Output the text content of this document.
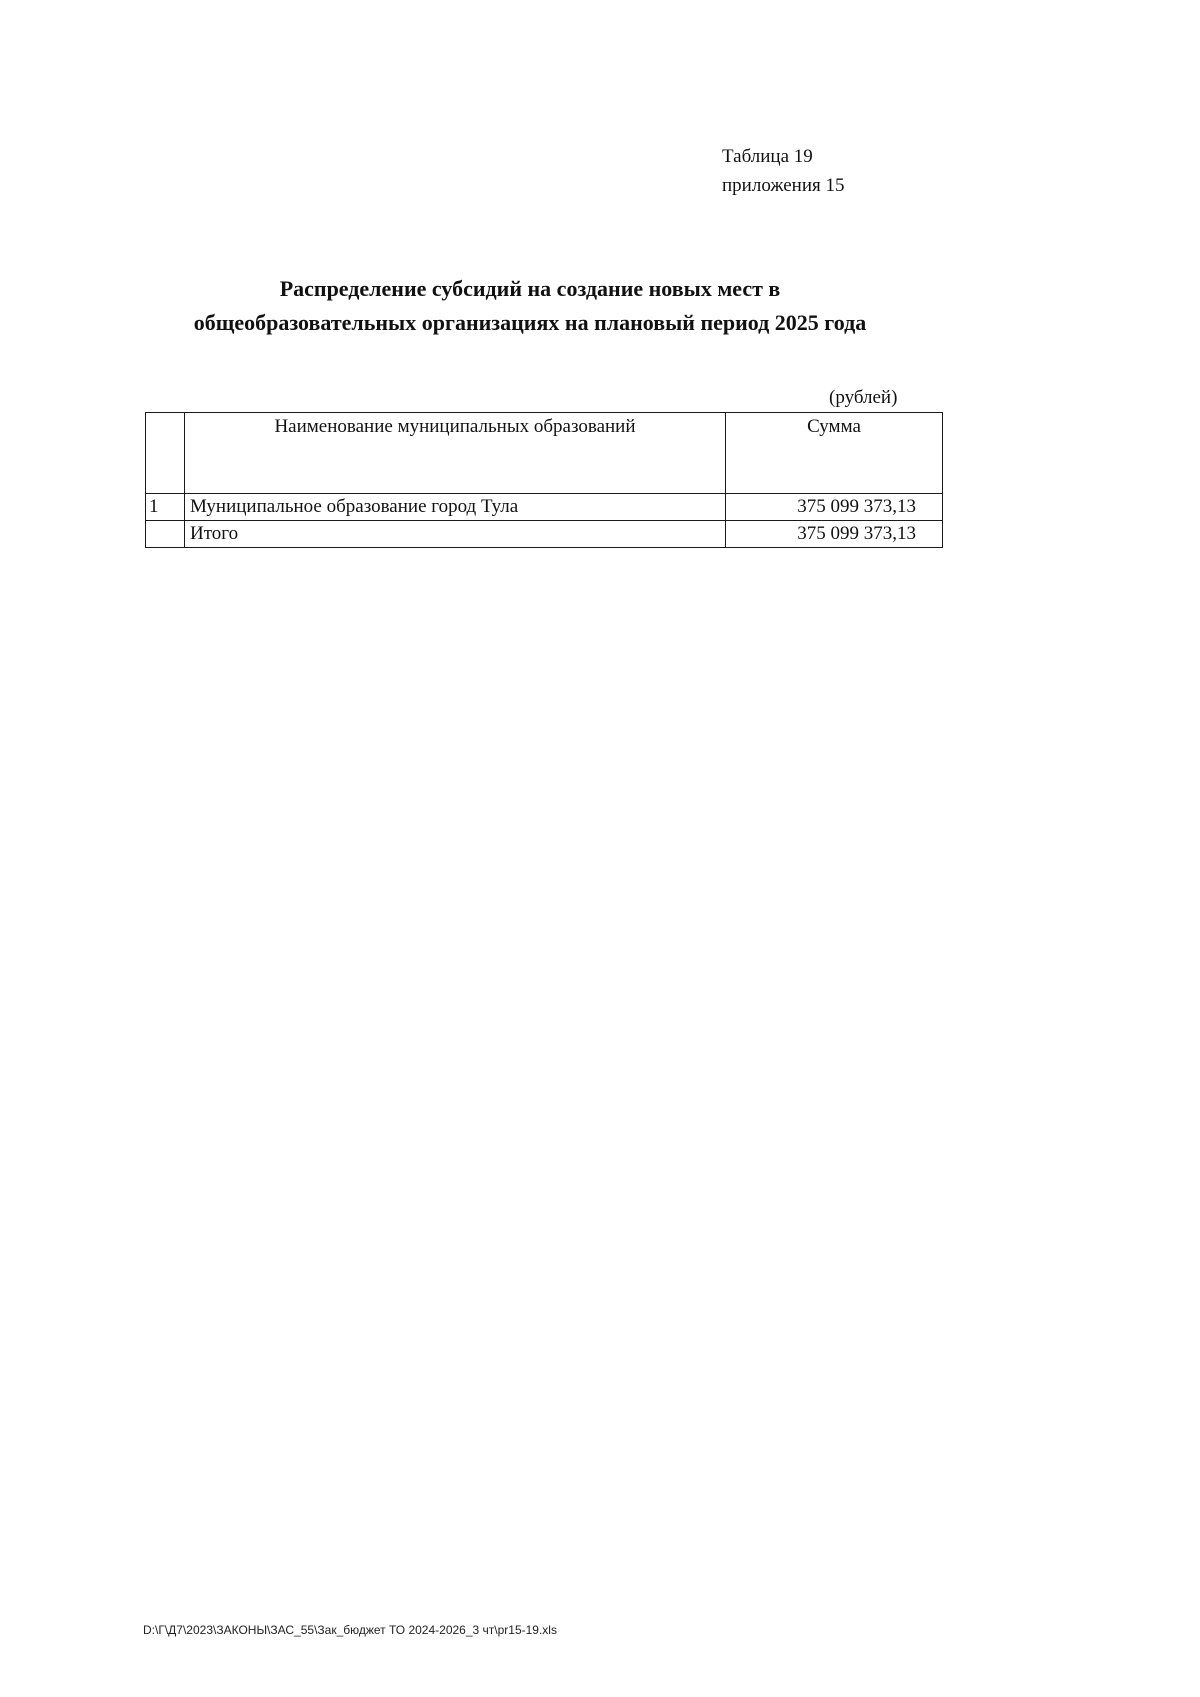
Таблица 19
приложения 15
Распределение субсидий на создание новых мест в
общеобразовательных организациях на плановый период 2025 года
(рублей)
	Наименование муниципальных образований	Сумма
1	Муниципальное образование город Тула	375 099 373,13
	Итого	375 099 373,13
D:\Г\Д7\2023\ЗАКОНЫ\ЗАС_55\Зак_бюджет ТО 2024-2026_3 чт\pr15-19.xls
